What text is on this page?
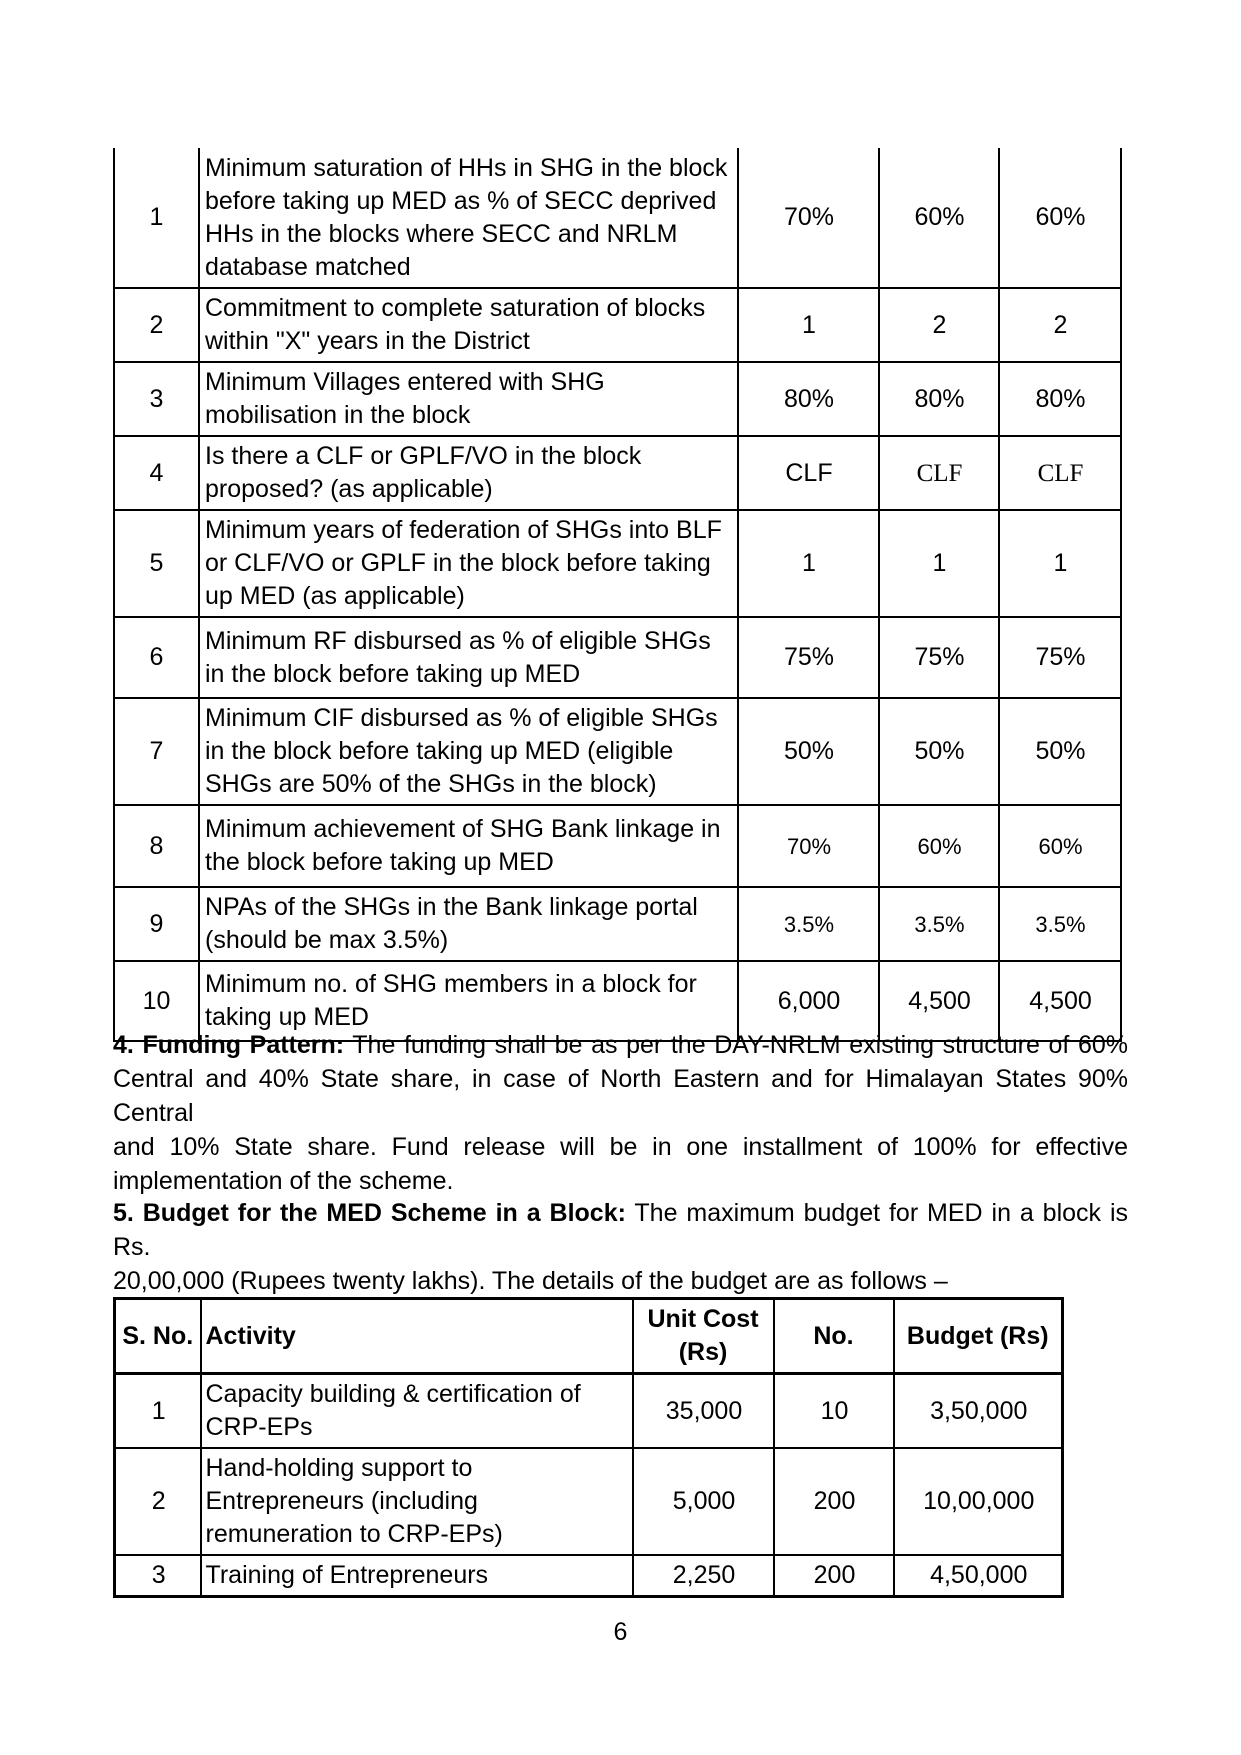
1	Minimum saturation of HHs in SHG in the block before taking up MED as % of SECC deprived HHs in the blocks where SECC and NRLM database matched	70%	60%	60%
2	Commitment to complete saturation of blocks within "X" years in the District	1	2	2
3	Minimum Villages entered with SHG mobilisation in the block	80%	80%	80%
4	Is there a CLF or GPLF/VO in the block proposed? (as applicable)	CLF	CLF	CLF
5	Minimum years of federation of SHGs into BLF or CLF/VO or GPLF in the block before taking up MED (as applicable)	1	1	1
6	Minimum RF disbursed as % of eligible SHGs in the block before taking up MED	75%	75%	75%
7	Minimum CIF disbursed as % of eligible SHGs in the block before taking up MED (eligible SHGs are 50% of the SHGs in the block)	50%	50%	50%
8	Minimum achievement of SHG Bank linkage in the block before taking up MED	70%	60%	60%
9	NPAs of the SHGs in the Bank linkage portal (should be max 3.5%)	3.5%	3.5%	3.5%
10	Minimum no. of SHG members in a block for taking up MED	6,000	4,500	4,500
4. Funding Pattern: The funding shall be as per the DAY-NRLM existing structure of 60%
Central and 40% State share, in case of North Eastern and for Himalayan States 90% Central
and 10% State share. Fund release will be in one installment of 100% for effective
implementation of the scheme.
5. Budget for the MED Scheme in a Block: The maximum budget for MED in a block is Rs.
20,00,000 (Rupees twenty lakhs). The details of the budget are as follows –
S. No.	Activity	Unit Cost (Rs)	No.	Budget (Rs)
1	Capacity building & certification of CRP-EPs	35,000	10	3,50,000
2	Hand-holding support to Entrepreneurs (including remuneration to CRP-EPs)	5,000	200	10,00,000
3	Training of Entrepreneurs	2,250	200	4,50,000
6
